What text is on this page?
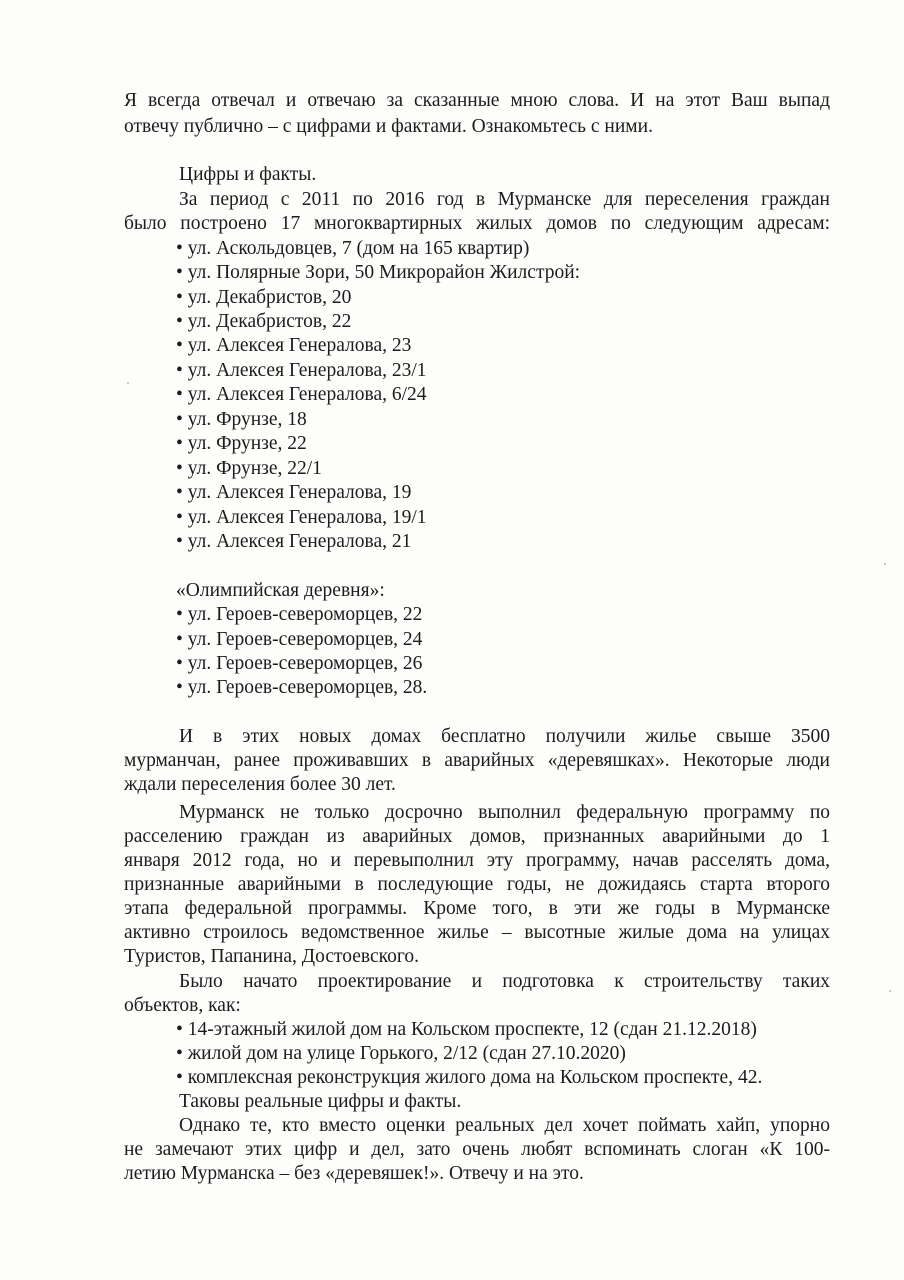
Я всегда отвечал и отвечаю за сказанные мною слова. И на этот Ваш выпад
отвечу публично – с цифрами и фактами. Ознакомьтесь с ними.
Цифры и факты.
За период с 2011 по 2016 год в Мурманске для переселения граждан
было построено 17 многоквартирных жилых домов по следующим адресам:
• ул. Аскольдовцев, 7 (дом на 165 квартир)
• ул. Полярные Зори, 50 Микрорайон Жилстрой:
• ул. Декабристов, 20
• ул. Декабристов, 22
• ул. Алексея Генералова, 23
• ул. Алексея Генералова, 23/1
• ул. Алексея Генералова, 6/24
• ул. Фрунзе, 18
• ул. Фрунзе, 22
• ул. Фрунзе, 22/1
• ул. Алексея Генералова, 19
• ул. Алексея Генералова, 19/1
• ул. Алексея Генералова, 21
«Олимпийская деревня»:
• ул. Героев-североморцев, 22
• ул. Героев-североморцев, 24
• ул. Героев-североморцев, 26
• ул. Героев-североморцев, 28.
И в этих новых домах бесплатно получили жилье свыше 3500
мурманчан, ранее проживавших в аварийных «деревяшках». Некоторые люди
ждали переселения более 30 лет.
Мурманск не только досрочно выполнил федеральную программу по
расселению граждан из аварийных домов, признанных аварийными до 1
января 2012 года, но и перевыполнил эту программу, начав расселять дома,
признанные аварийными в последующие годы, не дожидаясь старта второго
этапа федеральной программы. Кроме того, в эти же годы в Мурманске
активно строилось ведомственное жилье – высотные жилые дома на улицах
Туристов, Папанина, Достоевского.
Было начато проектирование и подготовка к строительству таких
объектов, как:
• 14-этажный жилой дом на Кольском проспекте, 12 (сдан 21.12.2018)
• жилой дом на улице Горького, 2/12 (сдан 27.10.2020)
• комплексная реконструкция жилого дома на Кольском проспекте, 42.
Таковы реальные цифры и факты.
Однако те, кто вместо оценки реальных дел хочет поймать хайп, упорно
не замечают этих цифр и дел, зато очень любят вспоминать слоган «К 100-
летию Мурманска – без «деревяшек!». Отвечу и на это.
